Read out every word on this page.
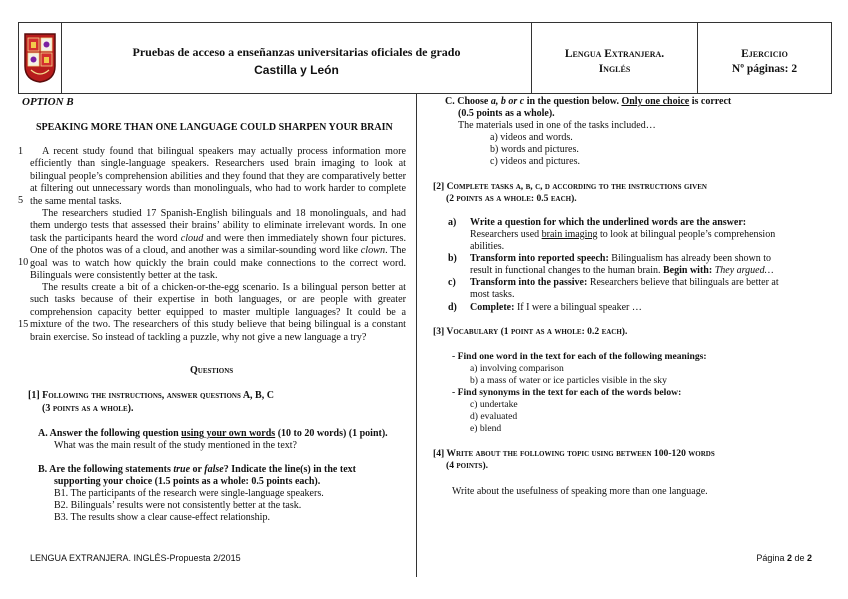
Pruebas de acceso a enseñanzas universitarias oficiales de grado
Castilla y León
Lengua Extranjera.
Inglés
Ejercicio
Nº páginas: 2
OPTION B
SPEAKING MORE THAN ONE LANGUAGE COULD SHARPEN YOUR BRAIN
1
5
10
15
A recent study found that bilingual speakers may actually process information more efficiently than single-language speakers. Researchers used brain imaging to look at bilingual people’s comprehension abilities and they found that they are comparatively better at filtering out unnecessary words than monolinguals, who had to work harder to complete the same mental tasks.
The researchers studied 17 Spanish-English bilinguals and 18 monolinguals, and had them undergo tests that assessed their brains’ ability to eliminate irrelevant words. In one task the participants heard the word cloud and were then immediately shown four pictures. One of the photos was of a cloud, and another was a similar-sounding word like clown. The goal was to watch how quickly the brain could make connections to the correct word. Bilinguals were consistently better at the task.
The results create a bit of a chicken-or-the-egg scenario. Is a bilingual person better at such tasks because of their expertise in both languages, or are people with greater comprehension capacity better equipped to master multiple languages? It could be a mixture of the two. The researchers of this study believe that being bilingual is a constant brain exercise. So instead of tackling a puzzle, why not give a new language a try?
Questions
[1] Following the instructions, answer questions A, B, C
(3 points as a whole).
A. Answer the following question using your own words (10 to 20 words) (1 point).
What was the main result of the study mentioned in the text?
B. Are the following statements true or false? Indicate the line(s) in the text
supporting your choice (1.5 points as a whole: 0.5 points each).
B1. The participants of the research were single-language speakers.
B2. Bilinguals’ results were not consistently better at the task.
B3. The results show a clear cause-effect relationship.
C. Choose a, b or c in the question below. Only one choice is correct
(0.5 points as a whole).
The materials used in one of the tasks included…
a) videos and words.
b) words and pictures.
c) videos and pictures.
[2] Complete tasks a, b, c, d according to the instructions given
(2 points as a whole: 0.5 each).
a) Write a question for which the underlined words are the answer:
Researchers used brain imaging to look at bilingual people’s comprehension
abilities.
b) Transform into reported speech: Bilingualism has already been shown to
result in functional changes to the human brain. Begin with: They argued…
c) Transform into the passive: Researchers believe that bilinguals are better at
most tasks.
d) Complete: If I were a bilingual speaker …
[3] Vocabulary (1 point as a whole: 0.2 each).
- Find one word in the text for each of the following meanings:
a) involving comparison
b) a mass of water or ice particles visible in the sky
- Find synonyms in the text for each of the words below:
c) undertake
d) evaluated
e) blend
[4] Write about the following topic using between 100-120 words
(4 points).
Write about the usefulness of speaking more than one language.
LENGUA EXTRANJERA. INGLÉS-Propuesta 2/2015	Página 2 de 2
